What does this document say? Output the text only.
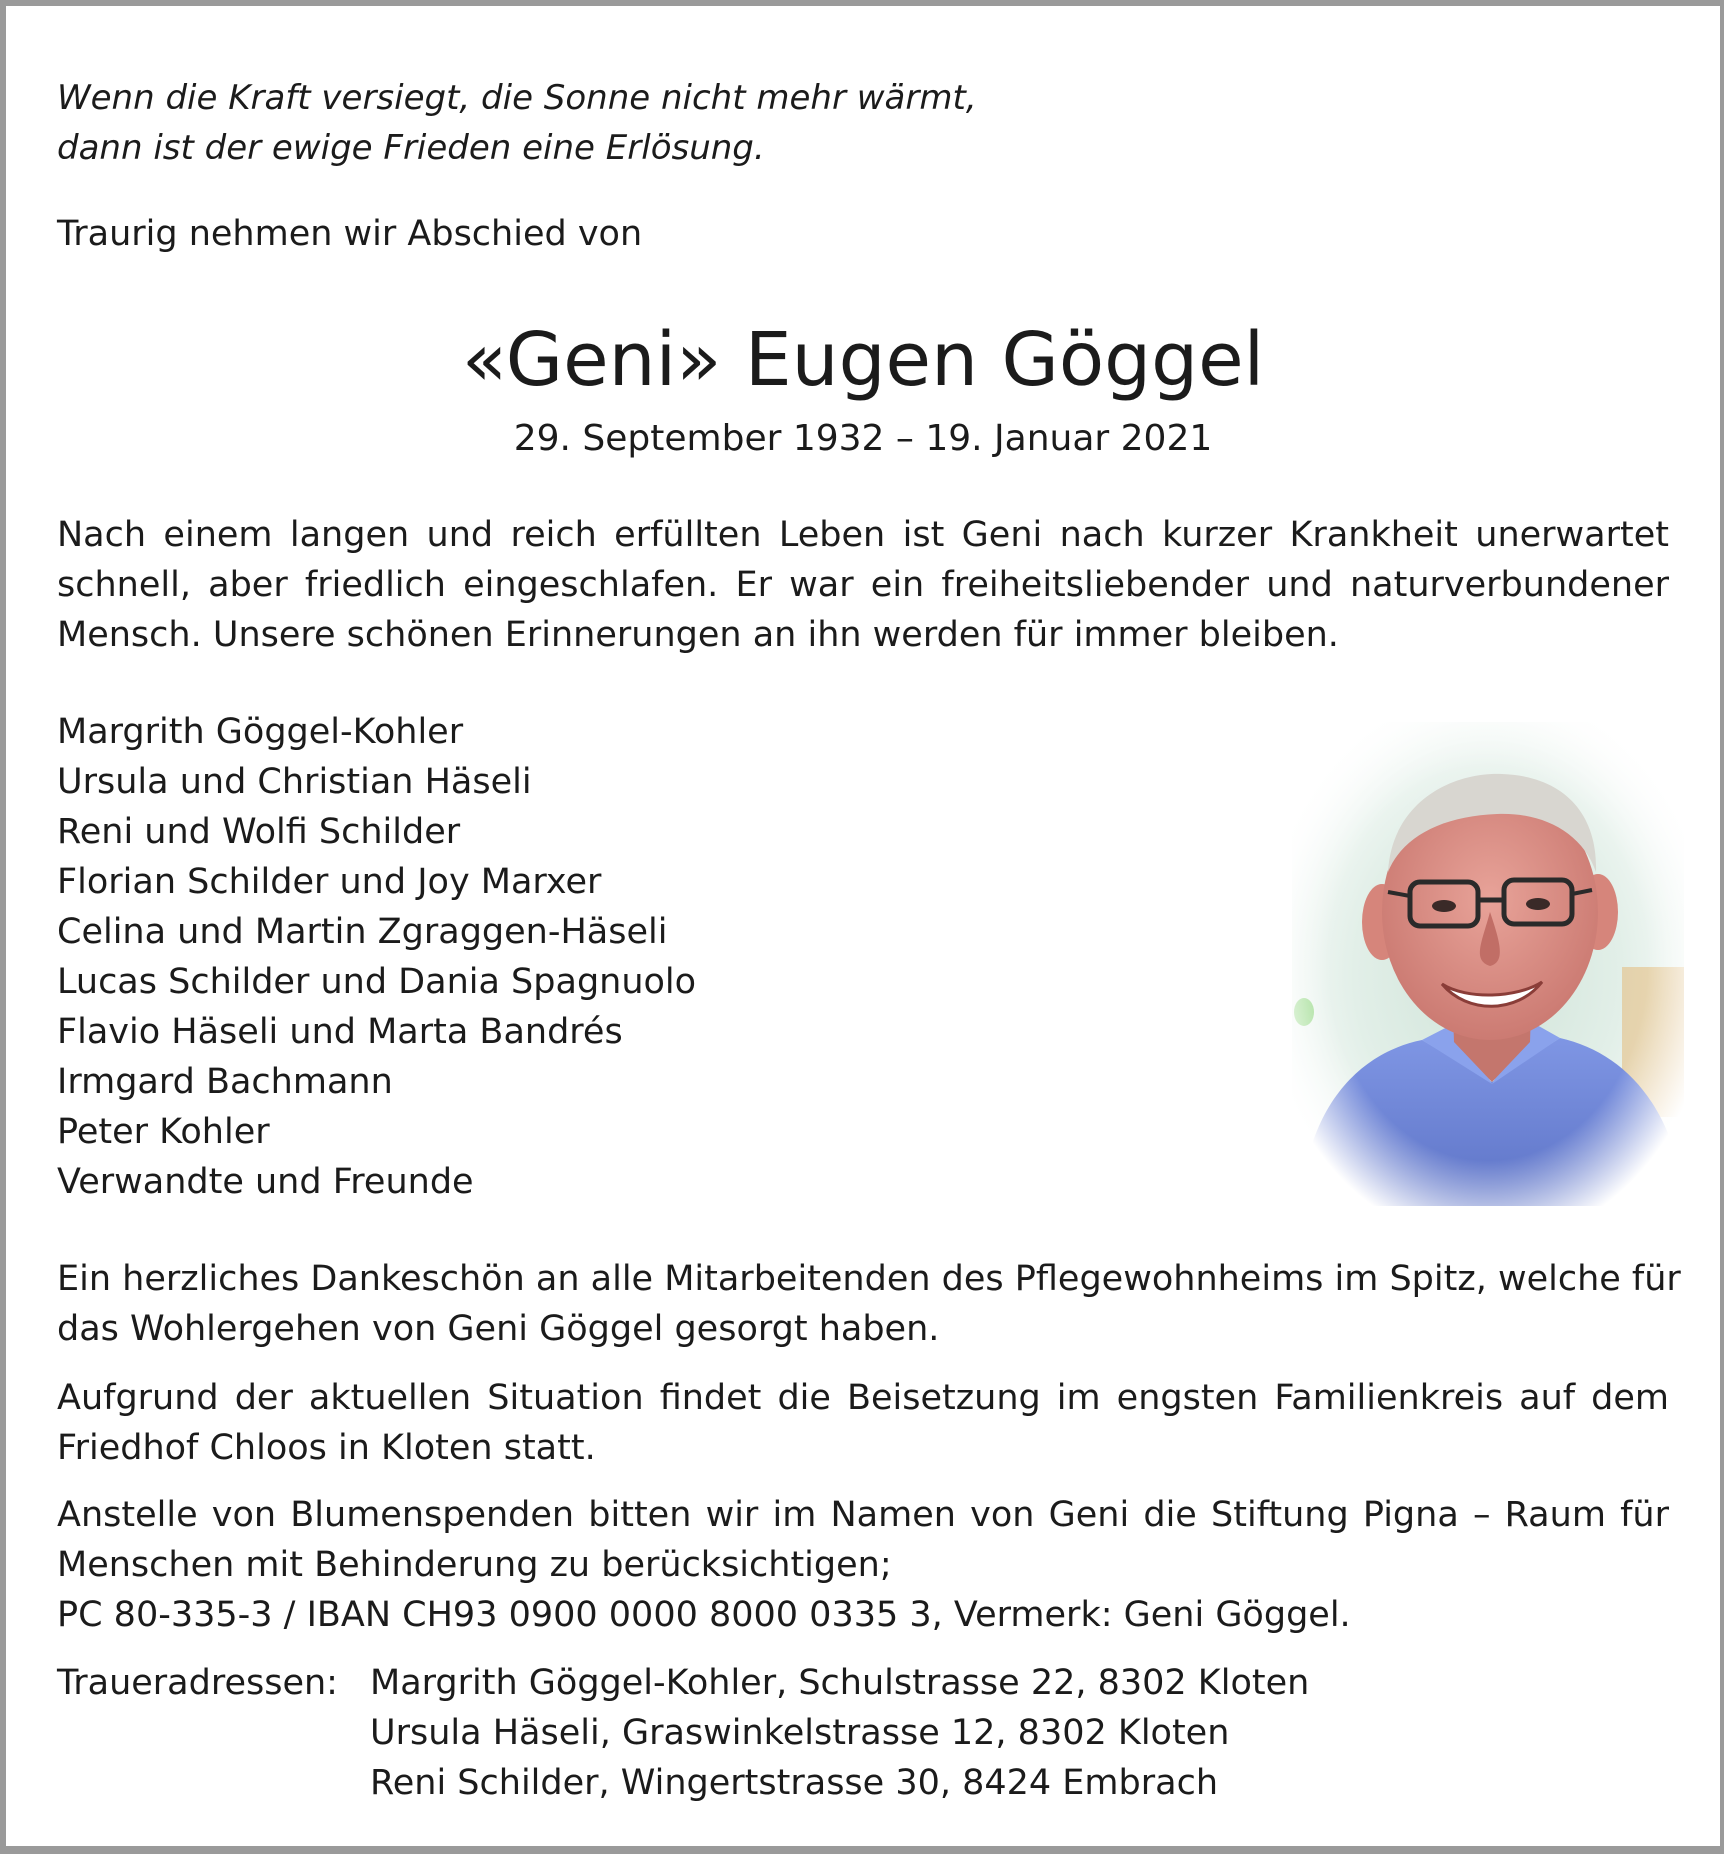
Wenn die Kraft versiegt, die Sonne nicht mehr wärmt,
dann ist der ewige Frieden eine Erlösung.
Traurig nehmen wir Abschied von
«Geni» Eugen Göggel
29. September 1932 – 19. Januar 2021
Nach einem langen und reich erfüllten Leben ist Geni nach kurzer Krankheit unerwartet
schnell, aber friedlich eingeschlafen. Er war ein freiheitsliebender und naturverbundener
Mensch. Unsere schönen Erinnerungen an ihn werden für immer bleiben.
Margrith Göggel-Kohler
Ursula und Christian Häseli
Reni und Wolfi Schilder
Florian Schilder und Joy Marxer
Celina und Martin Zgraggen-Häseli
Lucas Schilder und Dania Spagnuolo
Flavio Häseli und Marta Bandrés
Irmgard Bachmann
Peter Kohler
Verwandte und Freunde
Ein herzliches Dankeschön an alle Mitarbeitenden des Pflegewohnheims im Spitz, welche für
das Wohlergehen von Geni Göggel gesorgt haben.
Aufgrund der aktuellen Situation findet die Beisetzung im engsten Familienkreis auf dem
Friedhof Chloos in Kloten statt.
Anstelle von Blumenspenden bitten wir im Namen von Geni die Stiftung Pigna – Raum für
Menschen mit Behinderung zu berücksichtigen;
PC 80-335-3 / IBAN CH93 0900 0000 8000 0335 3, Vermerk: Geni Göggel.
Traueradressen: Margrith Göggel-Kohler, Schulstrasse 22, 8302 Kloten
Ursula Häseli, Graswinkelstrasse 12, 8302 Kloten
Reni Schilder, Wingertstrasse 30, 8424 Embrach
